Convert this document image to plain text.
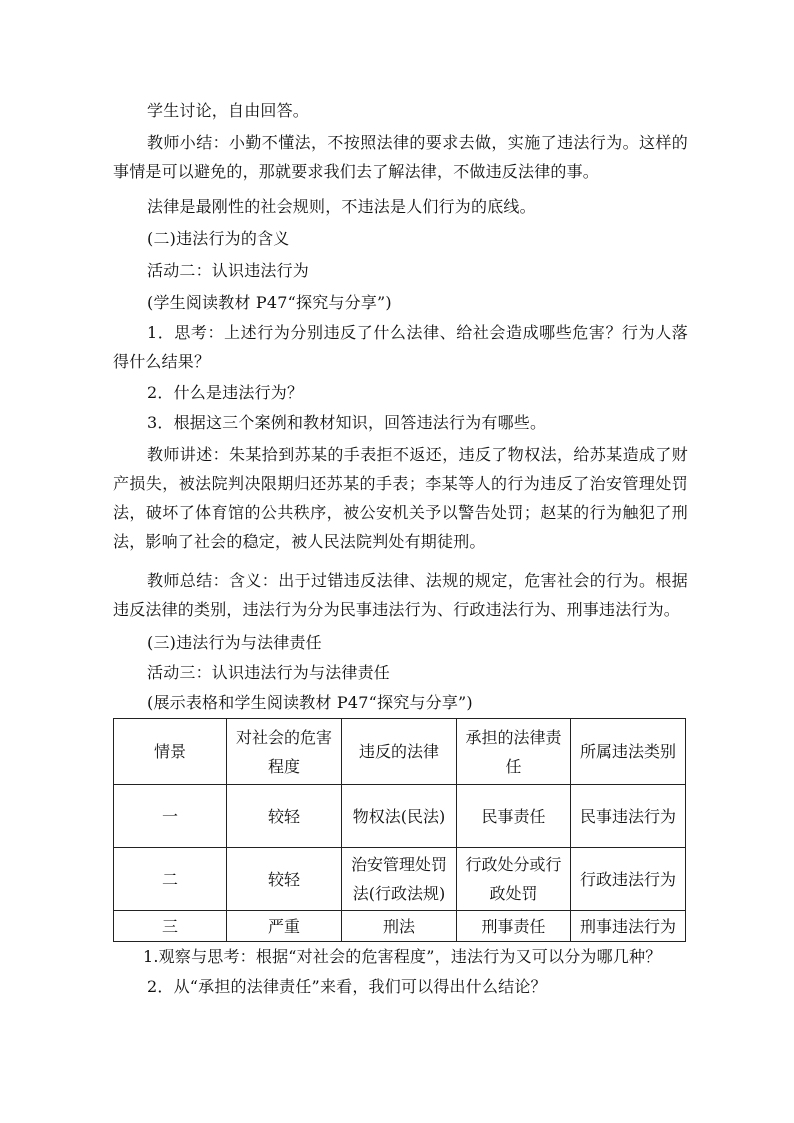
学生讨论，自由回答。

教师小结：小勤不懂法，不按照法律的要求去做，实施了违法行为。这样的事情是可以避免的，那就要求我们去了解法律，不做违反法律的事。

法律是最刚性的社会规则，不违法是人们行为的底线。

(二)违法行为的含义

活动二：认识违法行为

(学生阅读教材 P47“探究与分享”)

1．思考：上述行为分别违反了什么法律、给社会造成哪些危害？行为人落得什么结果？

2．什么是违法行为？

3．根据这三个案例和教材知识，回答违法行为有哪些。

教师讲述：朱某拾到苏某的手表拒不返还，违反了物权法，给苏某造成了财产损失，被法院判决限期归还苏某的手表；李某等人的行为违反了治安管理处罚法，破坏了体育馆的公共秩序，被公安机关予以警告处罚；赵某的行为触犯了刑法，影响了社会的稳定，被人民法院判处有期徒刑。

教师总结：含义：出于过错违反法律、法规的规定，危害社会的行为。根据违反法律的类别，违法行为分为民事违法行为、行政违法行为、刑事违法行为。

(三)违法行为与法律责任

活动三：认识违法行为与法律责任

(展示表格和学生阅读教材 P47“探究与分享”)

情景	对社会的危害程度	违反的法律	承担的法律责任	所属违法类别
一	较轻	物权法(民法)	民事责任	民事违法行为
二	较轻	治安管理处罚法(行政法规)	行政处分或行政处罚	行政违法行为
三	严重	刑法	刑事责任	刑事违法行为

1.观察与思考：根据“对社会的危害程度”，违法行为又可以分为哪几种？

2．从“承担的法律责任”来看，我们可以得出什么结论？
